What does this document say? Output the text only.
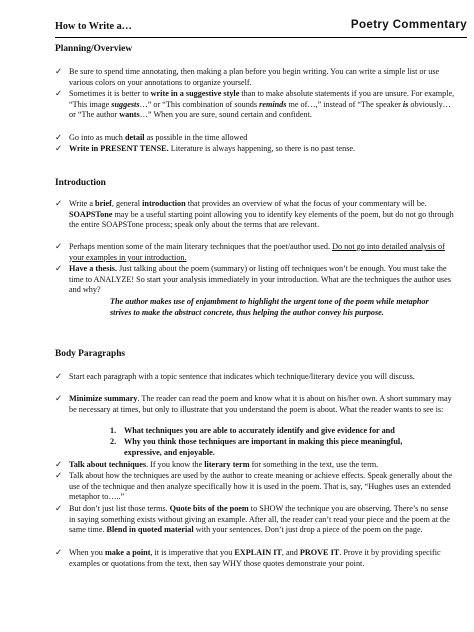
How to Write a…	Poetry Commentary
Planning/Overview
✓ Be sure to spend time annotating, then making a plan before you begin writing. You can write a simple list or use various colors on your annotations to organize yourself.
✓ Sometimes it is better to write in a suggestive style than to make absolute statements if you are unsure. For example, “This image suggests…” or “This combination of sounds reminds me of…,” instead of “The speaker is obviously…or “The author wants…” When you are sure, sound certain and confident.
✓ Go into as much detail as possible in the time allowed
✓ Write in PRESENT TENSE. Literature is always happening, so there is no past tense.
Introduction
✓ Write a brief, general introduction that provides an overview of what the focus of your commentary will be. SOAPSTone may be a useful starting point allowing you to identify key elements of the poem, but do not go through the entire SOAPSTone process; speak only about the terms that are relevant.
✓ Perhaps mention some of the main literary techniques that the poet/author used. Do not go into detailed analysis of your examples in your introduction.
✓ Have a thesis. Just talking about the poem (summary) or listing off techniques won’t be enough. You must take the time to ANALYZE! So start your analysis immediately in your introduction. What are the techniques the author uses and why?
The author makes use of enjambment to highlight the urgent tone of the poem while metaphor strives to make the abstract concrete, thus helping the author convey his purpose.
Body Paragraphs
✓ Start each paragraph with a topic sentence that indicates which technique/literary device you will discuss.
✓ Minimize summary. The reader can read the poem and know what it is about on his/her own. A short summary may be necessary at times, but only to illustrate that you understand the poem is about. What the reader wants to see is:
1. What techniques you are able to accurately identify and give evidence for and
2. Why you think those techniques are important in making this piece meaningful, expressive, and enjoyable.
✓ Talk about techniques. If you know the literary term for something in the text, use the term.
✓ Talk about how the techniques are used by the author to create meaning or achieve effects. Speak generally about the use of the technique and then analyze specifically how it is used in the poem. That is, say, “Hughes uses an extended metaphor to…..”
✓ But don’t just list those terms. Quote bits of the poem to SHOW the technique you are observing. There’s no sense in saying something exists without giving an example. After all, the reader can’t read your piece and the poem at the same time. Blend in quoted material with your sentences. Don’t just drop a piece of the poem on the page.
✓ When you make a point, it is imperative that you EXPLAIN IT, and PROVE IT. Prove it by providing specific examples or quotations from the text, then say WHY those quotes demonstrate your point.
